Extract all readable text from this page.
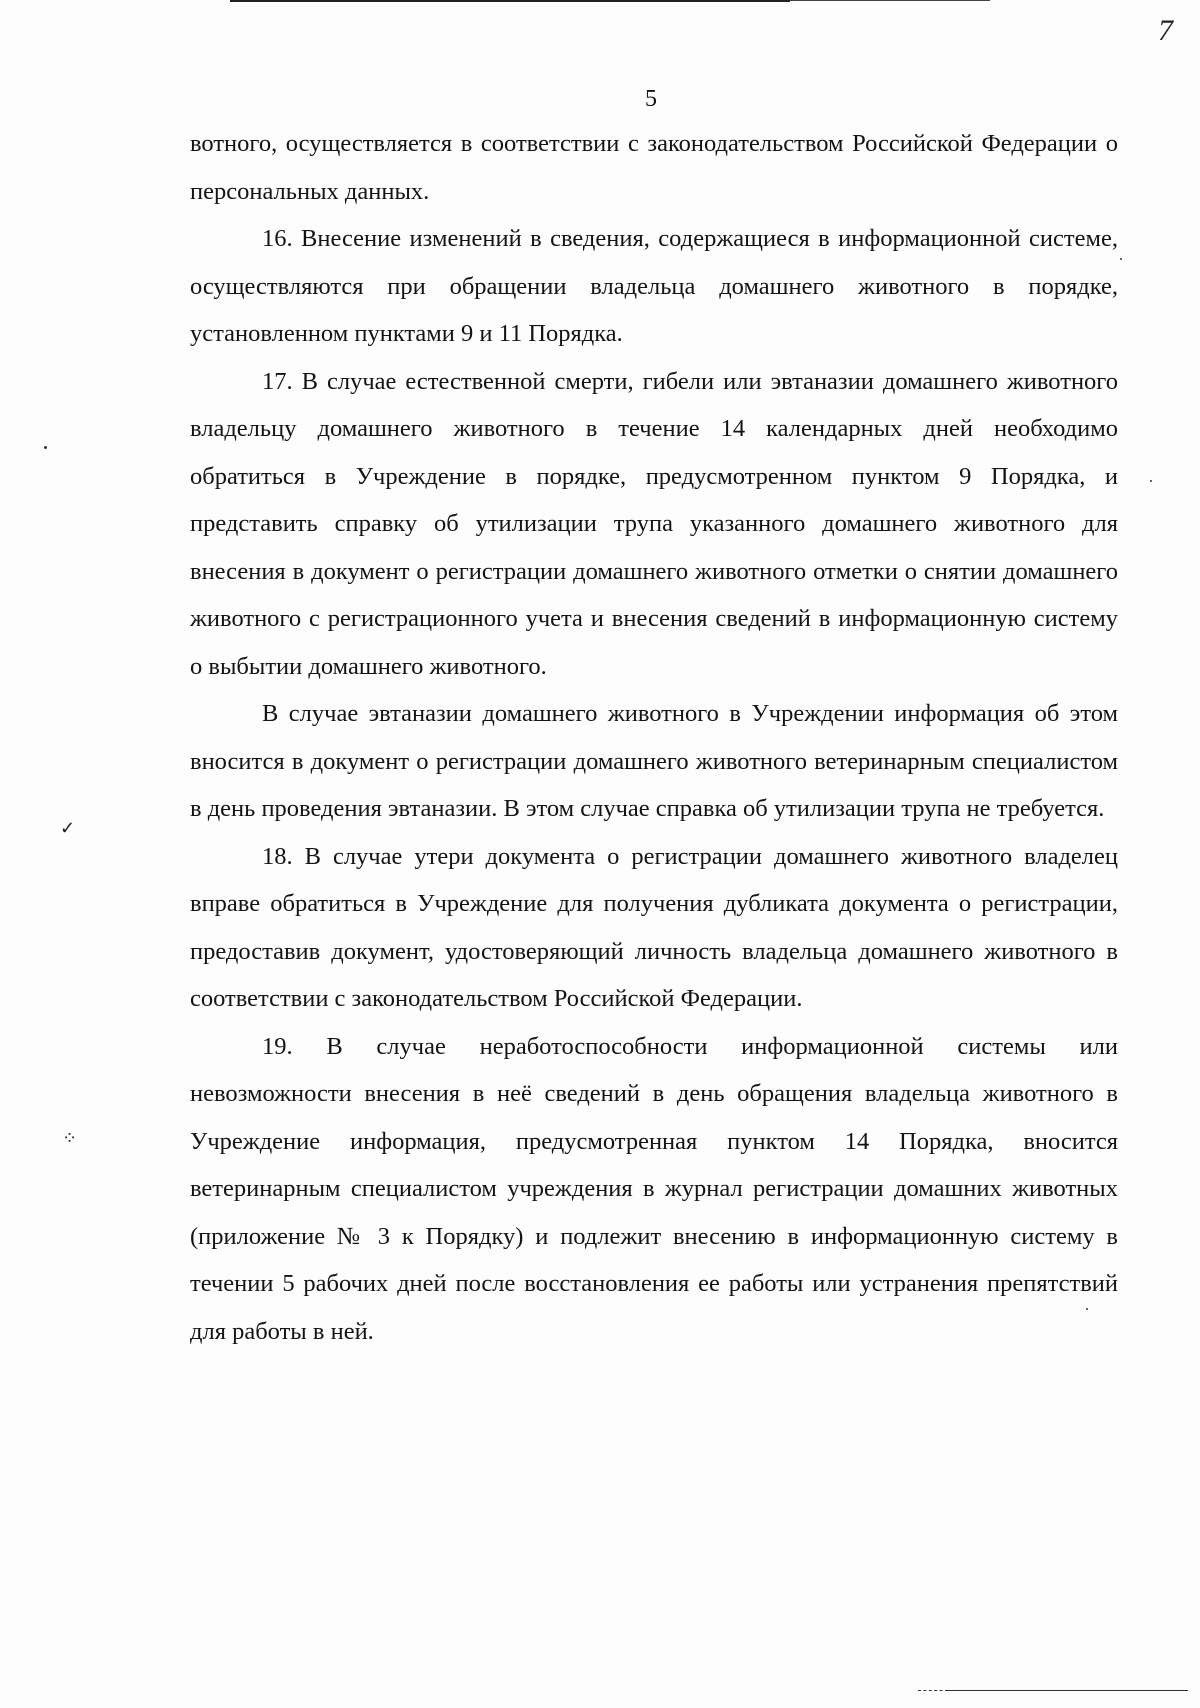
7
5

вотного, осуществляется в соответствии с законодательством Российской Федерации о персональных данных.

16. Внесение изменений в сведения, содержащиеся в информационной системе, осуществляются при обращении владельца домашнего животного в порядке, установленном пунктами 9 и 11 Порядка.

17. В случае естественной смерти, гибели или эвтаназии домашнего животного владельцу домашнего животного в течение 14 календарных дней необходимо обратиться в Учреждение в порядке, предусмотренном пунктом 9 Порядка, и представить справку об утилизации трупа указанного домашнего животного для внесения в документ о регистрации домашнего животного отметки о снятии домашнего животного с регистрационного учета и внесения сведений в информационную систему о выбытии домашнего животного.

В случае эвтаназии домашнего животного в Учреждении информация об этом вносится в документ о регистрации домашнего животного ветеринарным специалистом в день проведения эвтаназии. В этом случае справка об утилизации трупа не требуется.

18. В случае утери документа о регистрации домашнего животного владелец вправе обратиться в Учреждение для получения дубликата документа о регистрации, предоставив документ, удостоверяющий личность владельца домашнего животного в соответствии с законодательством Российской Федерации.

19. В случае неработоспособности информационной системы или невозможности внесения в неё сведений в день обращения владельца животного в Учреждение информация, предусмотренная пунктом 14 Порядка, вносится ветеринарным специалистом учреждения в журнал регистрации домашних животных (приложение № 3 к Порядку) и подлежит внесению в информационную систему в течении 5 рабочих дней после восстановления ее работы или устранения препятствий для работы в ней.

✓
⁘
